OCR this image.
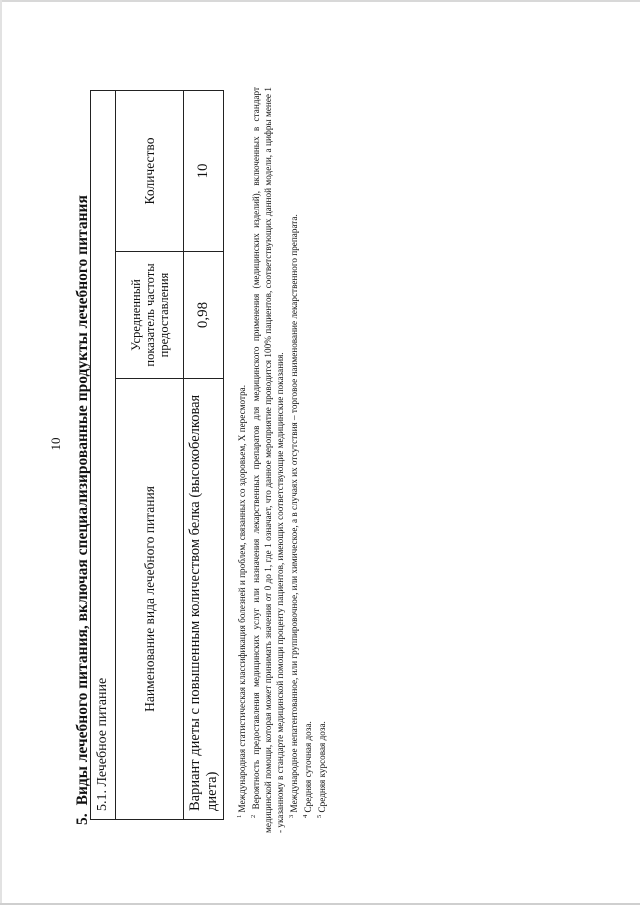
10
5.Виды лечебного питания, включая специализированные продукты лечебного питания 5.1. Лечебное питание		
Наименование вида лечебного питания	Усредненный показатель частоты предоставления	Количество
Вариант диеты с повышенным количеством белка (высокобелковая диета)	0,98	10

$^1$ Международная статистическая классификация болезней и проблем, связанных со здоровьем, X пересмотра.

$^2$ Вероятность предоставления медицинских услуг или назначения лекарственных препаратов для медицинского применения (медицинских изделий), включенных в стандарт медицинской помощи, которая может принимать значения от 0 до 1, где 1 означает, что данное мероприятие проводится 100% пациентов, соответствующих данной модели, а цифры менее 1 - указанному в стандарте медицинской помощи проценту пациентов, имеющих соответствующие медицинские показания. $^3$ Международное непатентованное, или группировочное, или химическое, а в случаях их отсутствия – торговое наименование лекарственного препарата.

$^4$ Средняя суточная доза.

$^5$ Средняя курсовая доза.
